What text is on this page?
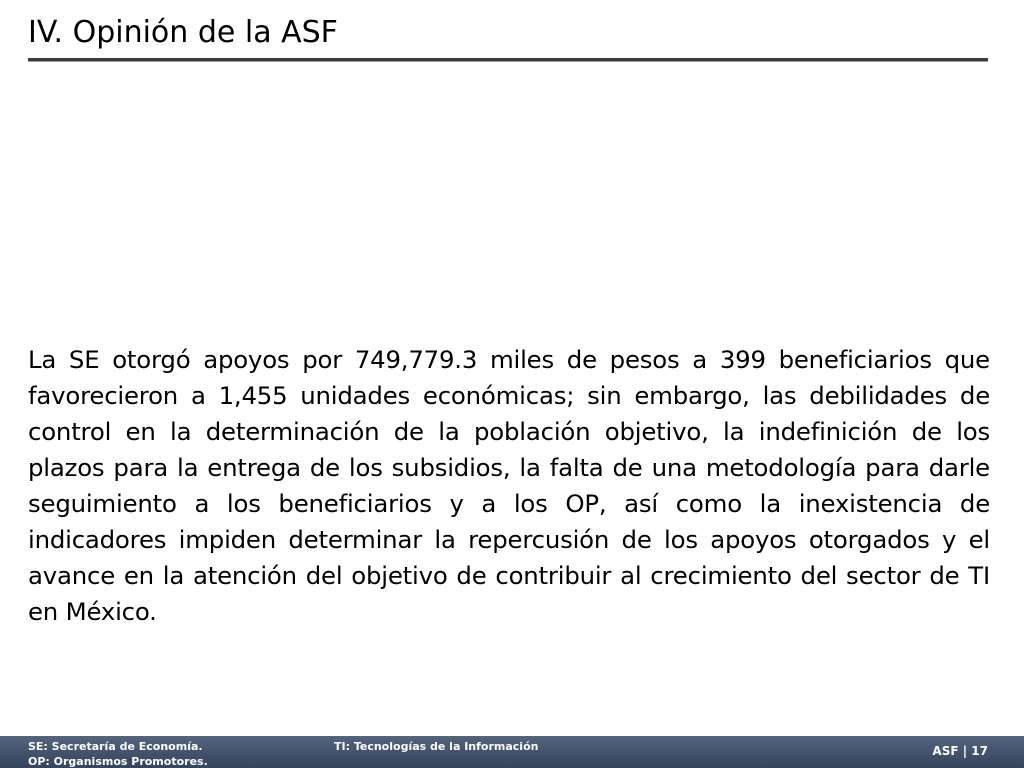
IV. Opinión de la ASF

La SE otorgó apoyos por 749,779.3 miles de pesos a 399 beneficiarios que favorecieron a 1,455 unidades económicas; sin embargo, las debilidades de control en la determinación de la población objetivo, la indefinición de los plazos para la entrega de los subsidios, la falta de una metodología para darle seguimiento a los beneficiarios y a los OP, así como la inexistencia de indicadores impiden determinar la repercusión de los apoyos otorgados y el avance en la atención del objetivo de contribuir al crecimiento del sector de TI en México.

SE: Secretaría de Economía.
OP: Organismos Promotores.
TI: Tecnologías de la Información	ASF | 17
